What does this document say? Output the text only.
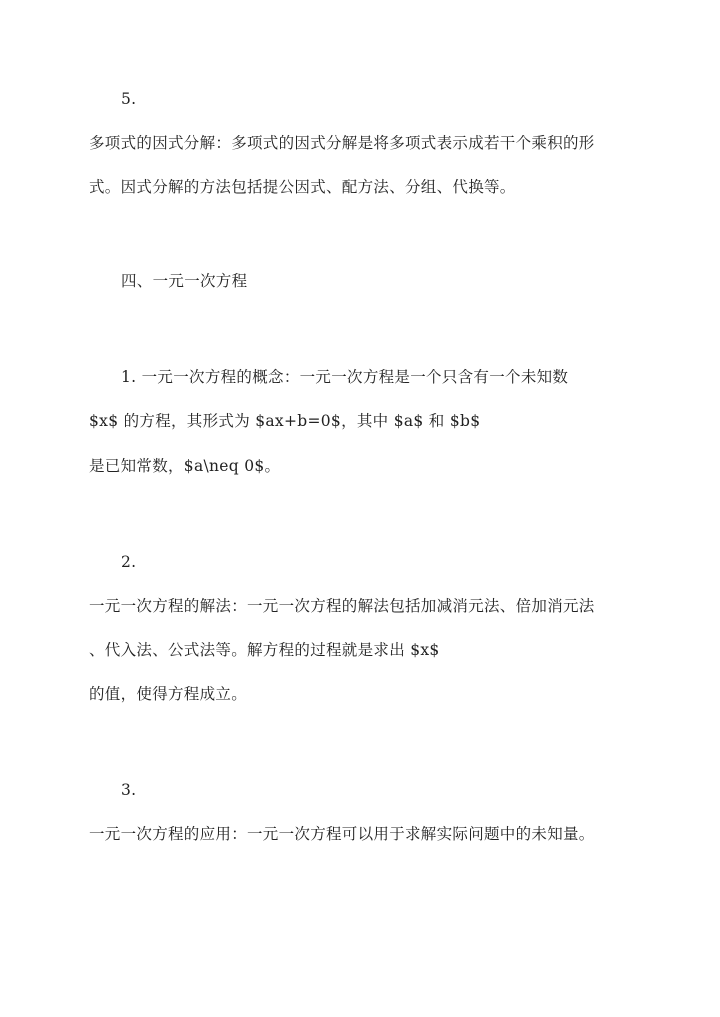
5.
多项式的因式分解：多项式的因式分解是将多项式表示成若干个乘积的形
式。因式分解的方法包括提公因式、配方法、分组、代换等。
四、一元一次方程
1. 一元一次方程的概念：一元一次方程是一个只含有一个未知数
$x$ 的方程，其形式为 $ax+b=0$，其中 $a$ 和 $b$
是已知常数，$a\neq 0$。
2.
一元一次方程的解法：一元一次方程的解法包括加减消元法、倍加消元法
、代入法、公式法等。解方程的过程就是求出 $x$
的值，使得方程成立。
3.
一元一次方程的应用：一元一次方程可以用于求解实际问题中的未知量。
